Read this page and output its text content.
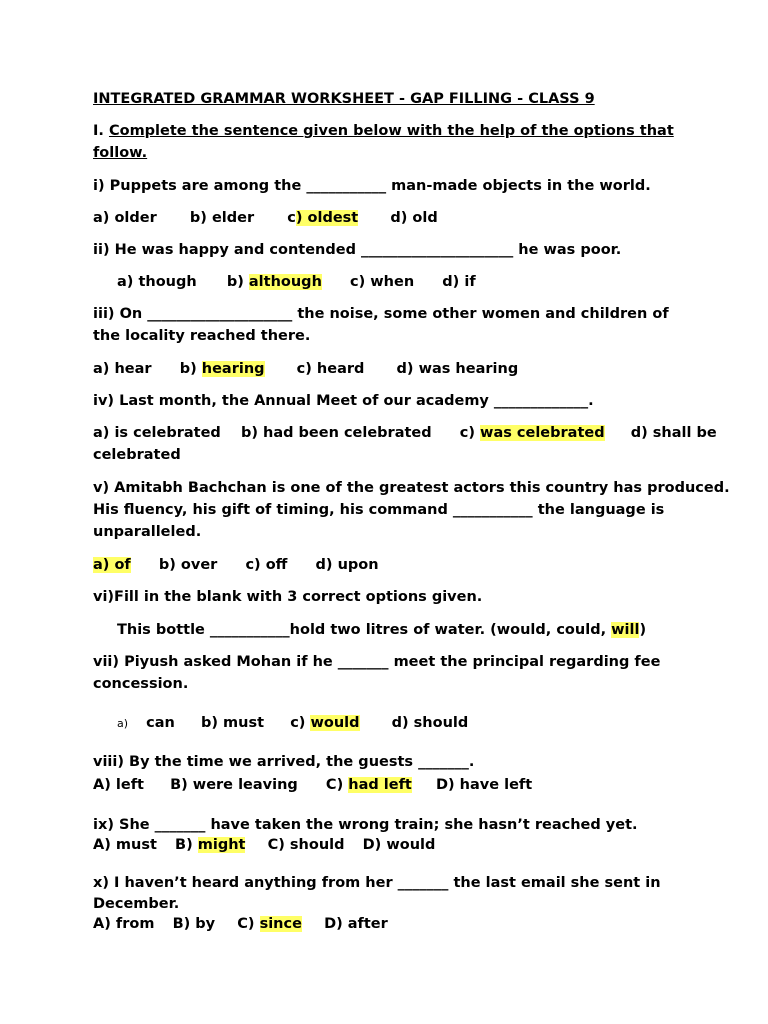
INTEGRATED GRAMMAR WORKSHEET - GAP FILLING - CLASS 9
I. Complete the sentence given below with the help of the options that
follow.
i) Puppets are among the ___________ man-made objects in the world.
a) older b) elder c) oldest d) old
ii) He was happy and contended _____________________ he was poor.
a) though b) although c) when d) if
iii) On ____________________ the noise, some other women and children of
the locality reached there.
a) hear b) hearing c) heard d) was hearing
iv) Last month, the Annual Meet of our academy _____________.
a) is celebrated b) had been celebrated c) was celebrated d) shall be
celebrated
v) Amitabh Bachchan is one of the greatest actors this country has produced.
His fluency, his gift of timing, his command ___________ the language is
unparalleled.
a) of b) over c) off d) upon
vi)Fill in the blank with 3 correct options given.
This bottle ___________hold two litres of water. (would, could, will)
vii) Piyush asked Mohan if he _______ meet the principal regarding fee
concession.
a) can b) must c) would d) should
viii) By the time we arrived, the guests _______.
A) left B) were leaving C) had left D) have left
ix) She _______ have taken the wrong train; she hasn’t reached yet.
A) must B) might C) should D) would
x) I haven’t heard anything from her _______ the last email she sent in
December.
A) from B) by C) since D) after
